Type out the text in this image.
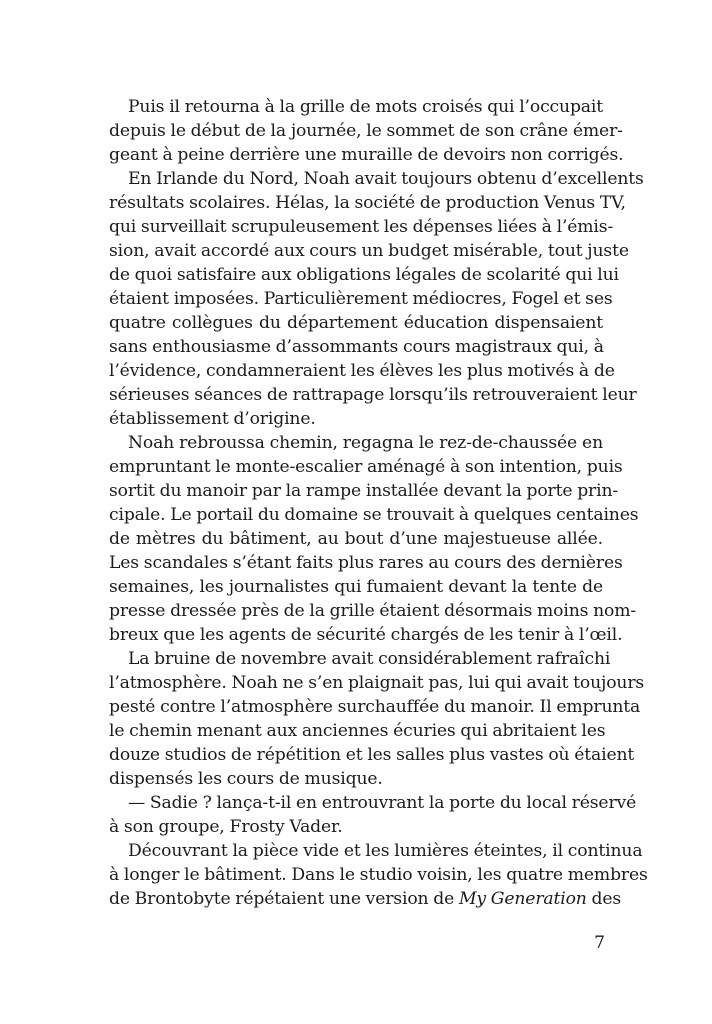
Puis il retourna à la grille de mots croisés qui l’occupait
depuis le début de la journée, le sommet de son crâne émer-
geant à peine derrière une muraille de devoirs non corrigés.
En Irlande du Nord, Noah avait toujours obtenu d’excellents
résultats scolaires. Hélas, la société de production Venus TV,
qui surveillait scrupuleusement les dépenses liées à l’émis-
sion, avait accordé aux cours un budget misérable, tout juste
de quoi satisfaire aux obligations légales de scolarité qui lui
étaient imposées. Particulièrement médiocres, Fogel et ses
quatre collègues du département éducation dispensaient
sans enthousiasme d’assommants cours magistraux qui, à
l’évidence, condamneraient les élèves les plus motivés à de
sérieuses séances de rattrapage lorsqu’ils retrouveraient leur
établissement d’origine.
Noah rebroussa chemin, regagna le rez-de-chaussée en
empruntant le monte-escalier aménagé à son intention, puis
sortit du manoir par la rampe installée devant la porte prin-
cipale. Le portail du domaine se trouvait à quelques centaines
de mètres du bâtiment, au bout d’une majestueuse allée.
Les scandales s’étant faits plus rares au cours des dernières
semaines, les journalistes qui fumaient devant la tente de
presse dressée près de la grille étaient désormais moins nom-
breux que les agents de sécurité chargés de les tenir à l’œil.
La bruine de novembre avait considérablement rafraîchi
l’atmosphère. Noah ne s’en plaignait pas, lui qui avait toujours
pesté contre l’atmosphère surchauffée du manoir. Il emprunta
le chemin menant aux anciennes écuries qui abritaient les
douze studios de répétition et les salles plus vastes où étaient
dispensés les cours de musique.
— Sadie ? lança-t-il en entrouvrant la porte du local réservé
à son groupe, Frosty Vader.
Découvrant la pièce vide et les lumières éteintes, il continua
à longer le bâtiment. Dans le studio voisin, les quatre membres
de Brontobyte répétaient une version de My Generation des
7
